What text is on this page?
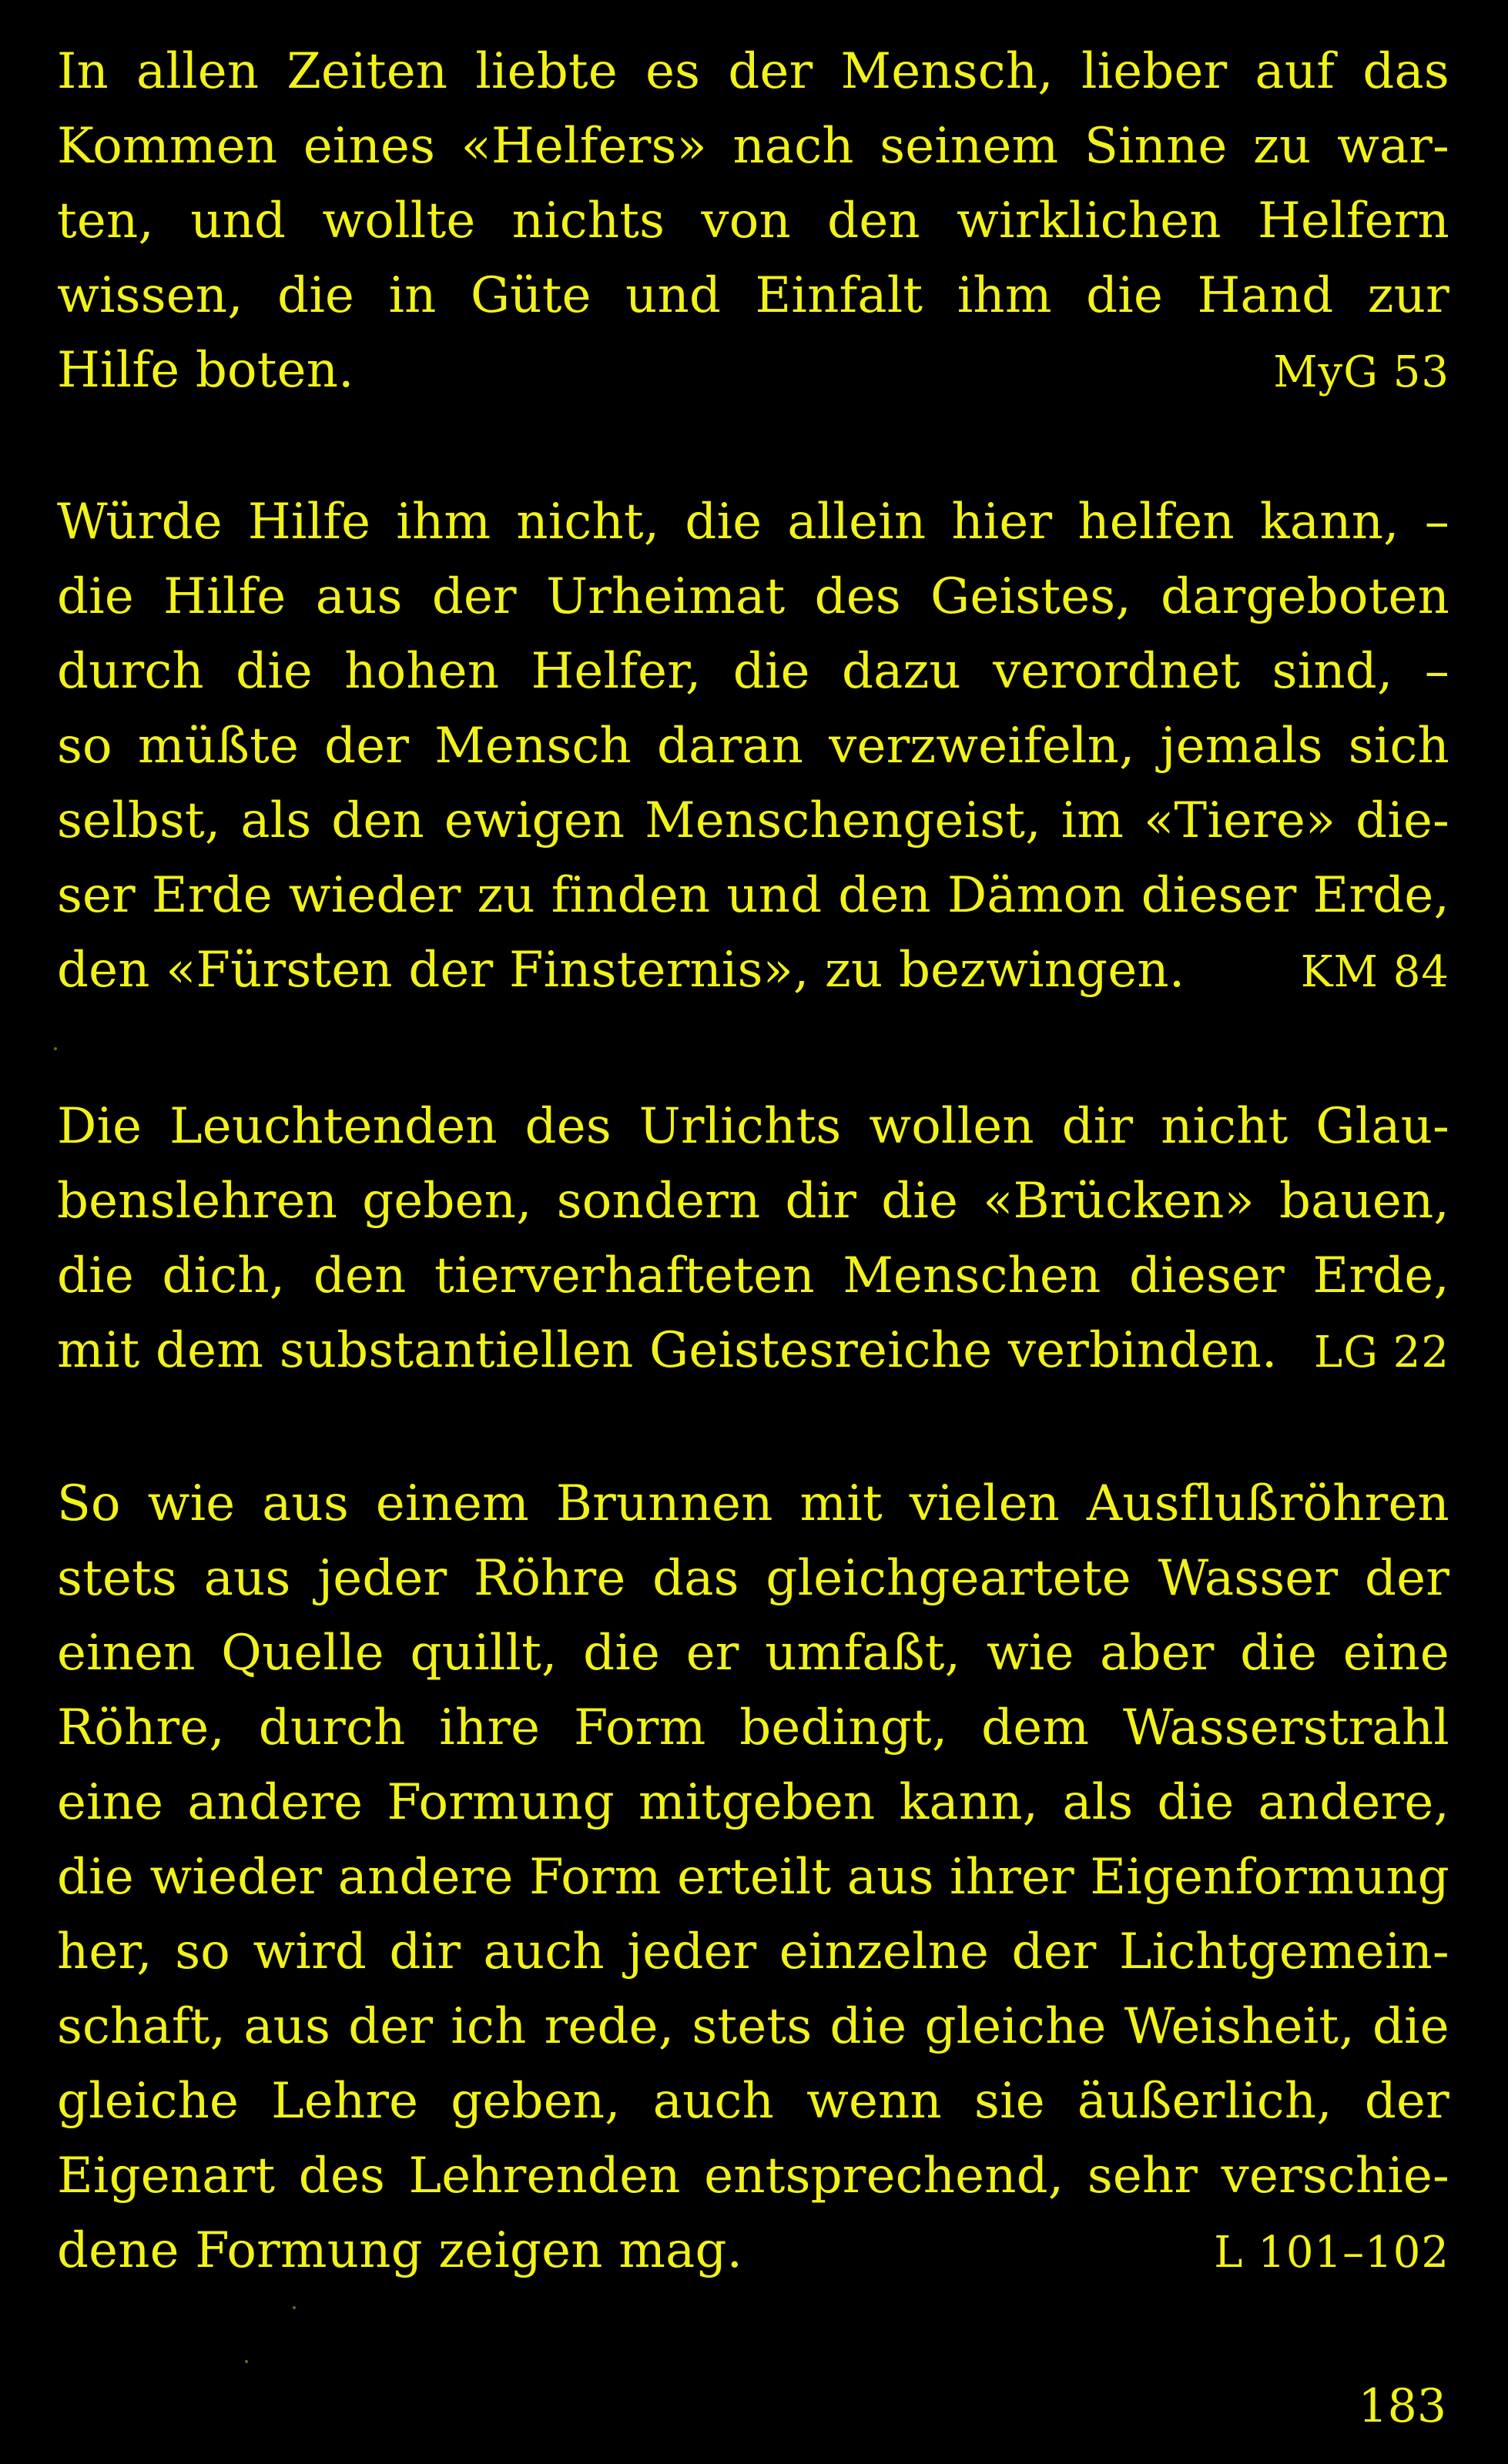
In allen Zeiten liebte es der Mensch, lieber auf das
Kommen eines «Helfers» nach seinem Sinne zu war-
ten, und wollte nichts von den wirklichen Helfern
wissen, die in Güte und Einfalt ihm die Hand zur
Hilfe boten.	MyG 53
Würde Hilfe ihm nicht, die allein hier helfen kann, –
die Hilfe aus der Urheimat des Geistes, dargeboten
durch die hohen Helfer, die dazu verordnet sind, –
so müßte der Mensch daran verzweifeln, jemals sich
selbst, als den ewigen Menschengeist, im «Tiere» die-
ser Erde wieder zu finden und den Dämon dieser Erde,
den «Fürsten der Finsternis», zu bezwingen.	KM 84
Die Leuchtenden des Urlichts wollen dir nicht Glau-
benslehren geben, sondern dir die «Brücken» bauen,
die dich, den tierverhafteten Menschen dieser Erde,
mit dem substantiellen Geistesreiche verbinden. LG 22
So wie aus einem Brunnen mit vielen Ausflußröhren
stets aus jeder Röhre das gleichgeartete Wasser der
einen Quelle quillt, die er umfaßt, wie aber die eine
Röhre, durch ihre Form bedingt, dem Wasserstrahl
eine andere Formung mitgeben kann, als die andere,
die wieder andere Form erteilt aus ihrer Eigenformung
her, so wird dir auch jeder einzelne der Lichtgemein-
schaft, aus der ich rede, stets die gleiche Weisheit, die
gleiche Lehre geben, auch wenn sie äußerlich, der
Eigenart des Lehrenden entsprechend, sehr verschie-
dene Formung zeigen mag.	L 101–102
183
